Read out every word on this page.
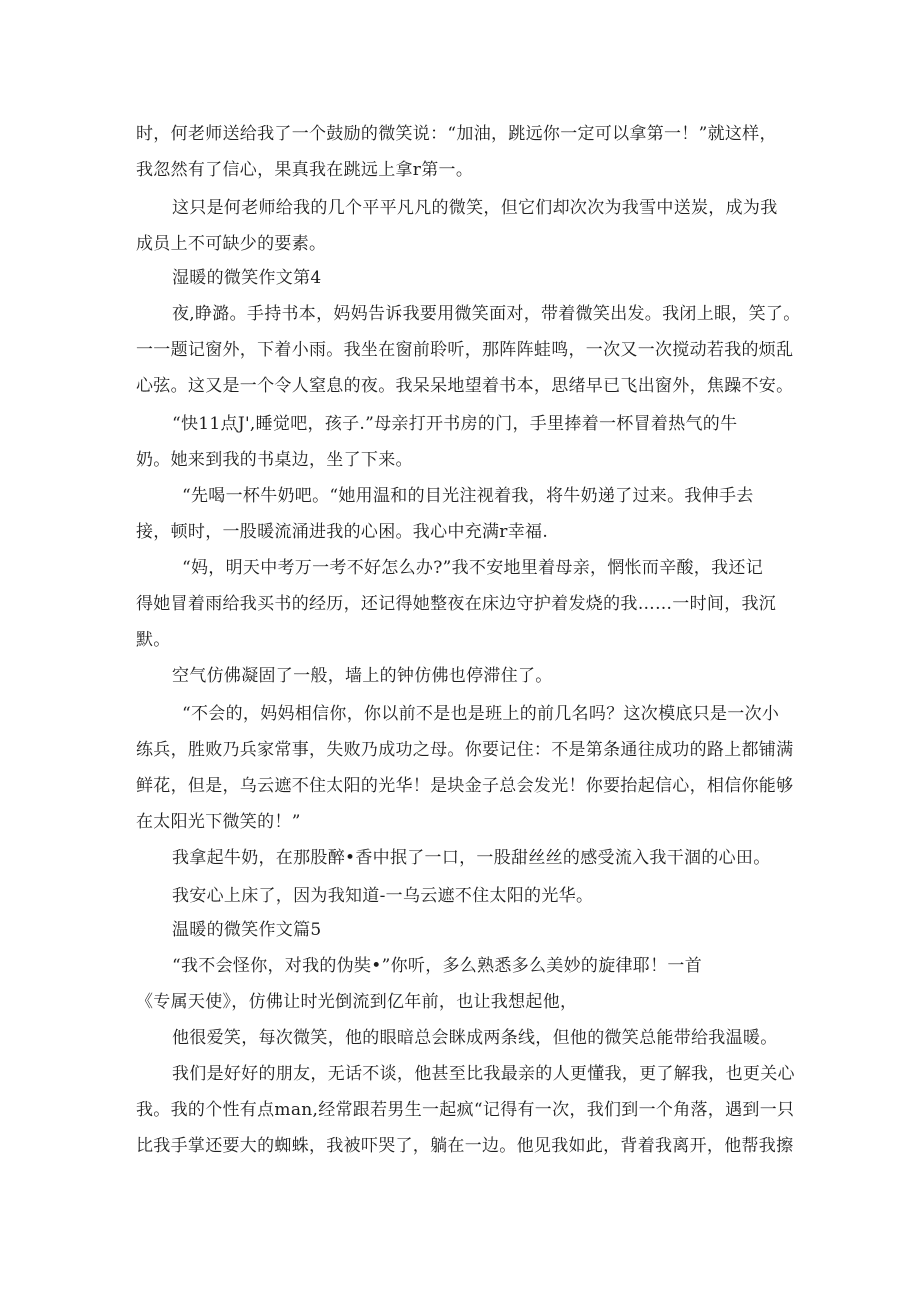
时，何老师送给我了一个鼓励的微笑说：“加油，跳远你一定可以拿第一！”就这样，

我忽然有了信心，果真我在跳远上拿r第一。

这只是何老师给我的几个平平凡凡的微笑，但它们却次次为我雪中送炭，成为我

成员上不可缺少的要素。

湿暖的微笑作文第4

夜,睁潞。手持书本，妈妈告诉我要用微笑面对，带着微笑出发。我闭上眼，笑了。

一一题记窗外，下着小雨。我坐在窗前聆听，那阵阵蛙鸣，一次又一次搅动若我的烦乱

心弦。这又是一个令人窒息的夜。我呆呆地望着书本，思绪早已飞出窗外，焦躁不安。

“快11点J',睡觉吧，孩子.”母亲打开书房的门，手里捧着一杯冒着热气的牛

奶。她来到我的书桌边，坐了下来。

“先喝一杯牛奶吧。“她用温和的目光注视着我，将牛奶递了过来。我伸手去

接，顿时，一股暖流涌进我的心困。我心中充满r幸福.

“妈，明天中考万一考不好怎么办?”我不安地里着母亲，惘怅而辛酸，我还记

得她冒着雨给我买书的经历，还记得她整夜在床边守护着发烧的我……一时间，我沉

默。

空气仿佛凝固了一般，墙上的钟仿佛也停滞住了。

“不会的，妈妈相信你，你以前不是也是班上的前几名吗？这次模底只是一次小

练兵，胜败乃兵家常事，失败乃成功之母。你要记住：不是第条通往成功的路上都铺满

鲜花，但是，乌云遮不住太阳的光华！是块金子总会发光！你要抬起信心，相信你能够

在太阳光下微笑的！”

我拿起牛奶，在那股醉•香中抿了一口，一股甜丝丝的感受流入我干涸的心田。

我安心上床了，因为我知道-一乌云遮不住太阳的光华。

温暖的微笑作文篇5

“我不会怪你，对我的伪奘•”你听，多么熟悉多么美妙的旋律耶！一首

《专属天使》，仿佛让时光倒流到亿年前，也让我想起他，

他很爱笑，每次微笑，他的眼暗总会眯成两条线，但他的微笑总能带给我温暖。

我们是好好的朋友，无话不谈，他甚至比我最亲的人更懂我，更了解我，也更关心

我。我的个性有点man,经常跟若男生一起疯“记得有一次，我们到一个角落，遇到一只

比我手掌还要大的蜘蛛，我被吓哭了，躺在一边。他见我如此，背着我离开，他帮我擦
